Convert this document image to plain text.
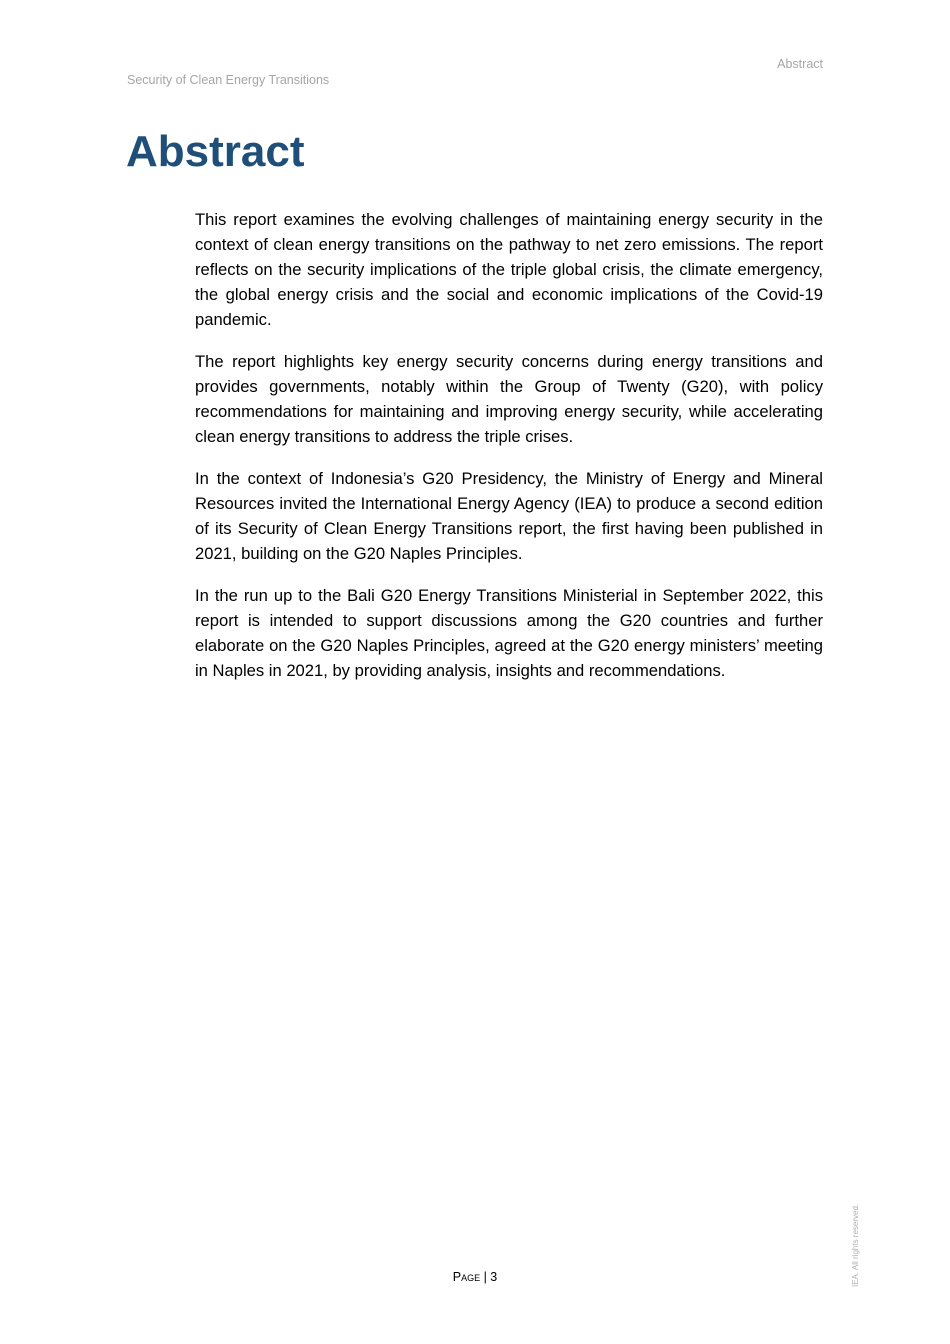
Abstract
Security of Clean Energy Transitions
Abstract

This report examines the evolving challenges of maintaining energy security in the context of clean energy transitions on the pathway to net zero emissions. The report reflects on the security implications of the triple global crisis, the climate emergency, the global energy crisis and the social and economic implications of the Covid-19 pandemic.

The report highlights key energy security concerns during energy transitions and provides governments, notably within the Group of Twenty (G20), with policy recommendations for maintaining and improving energy security, while accelerating clean energy transitions to address the triple crises.

In the context of Indonesia’s G20 Presidency, the Ministry of Energy and Mineral Resources invited the International Energy Agency (IEA) to produce a second edition of its Security of Clean Energy Transitions report, the first having been published in 2021, building on the G20 Naples Principles.

In the run up to the Bali G20 Energy Transitions Ministerial in September 2022, this report is intended to support discussions among the G20 countries and further elaborate on the G20 Naples Principles, agreed at the G20 energy ministers’ meeting in Naples in 2021, by providing analysis, insights and recommendations.

Page | 3	IEA. All rights reserved.
